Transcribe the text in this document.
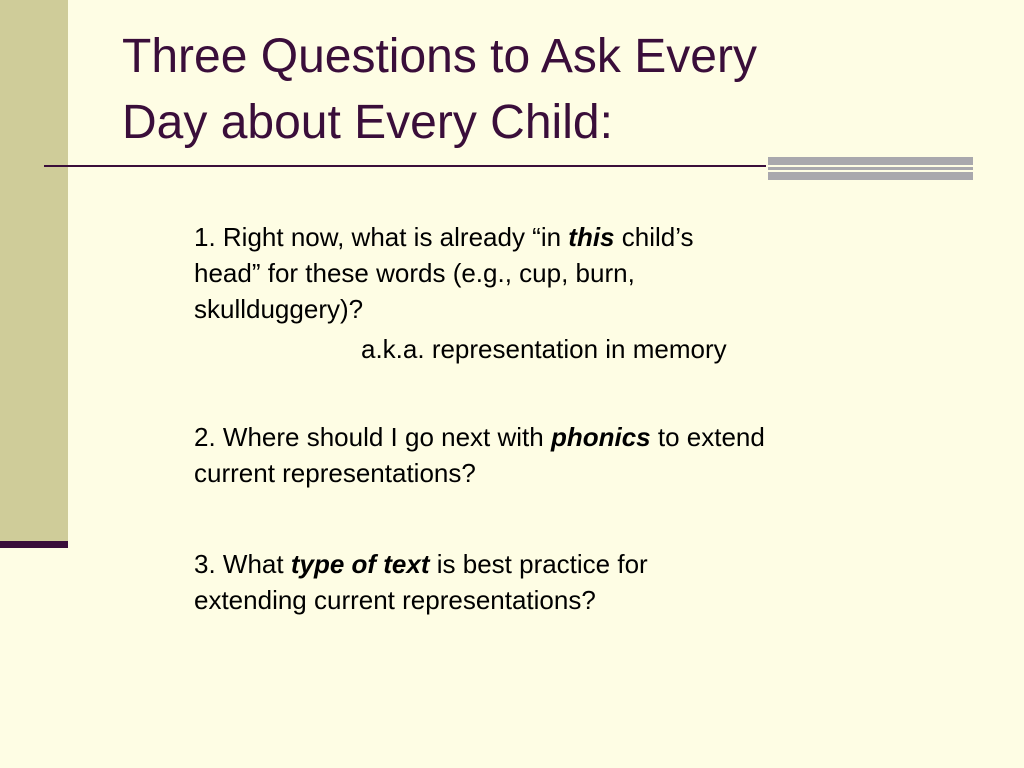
Three Questions to Ask Every
Day about Every Child:
1. Right now, what is already “in this child’s
head” for these words (e.g., cup, burn,
skullduggery)?
a.k.a. representation in memory
2. Where should I go next with phonics to extend
current representations?
3. What type of text is best practice for
extending current representations?
